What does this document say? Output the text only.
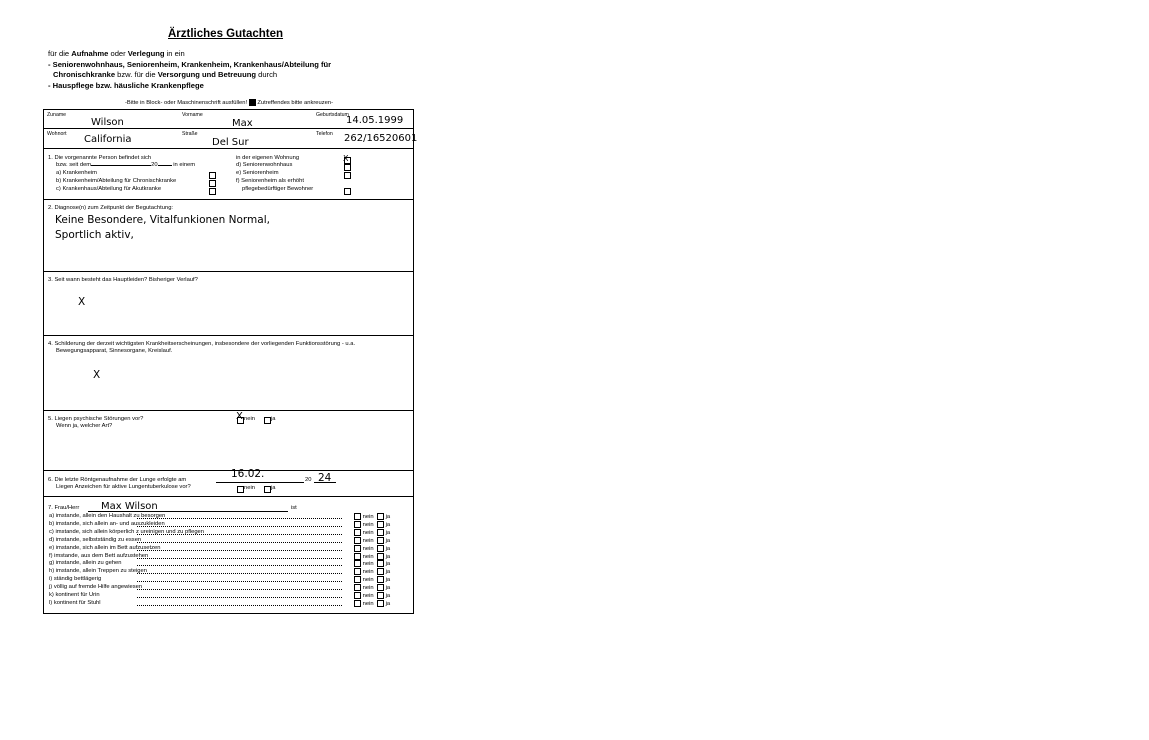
Ärztliches Gutachten
für die Aufnahme oder Verlegung in ein
- Seniorenwohnhaus, Seniorenheim, Krankenheim, Krankenhaus/Abteilung für
Chronischkranke bzw. für die Versorgung und Betreuung durch
- Hauspflege bzw. häusliche Krankenpflege
-Bitte in Block- oder Maschinenschrift ausfüllen! Zutreffendes bitte ankreuzen-
Zuname
Wilson
Vorname
Max
Geburtsdatum
14.05.1999
Wohnort California	Straße
Del Sur
Telefon 262/16520601
1. Die vorgenannte Person befindet sich
bzw. seit dem	20	in einem
a) Krankenheim
b) Krankenheim/Abteilung für Chronischkranke
c) Krankenhaus/Abteilung für Akutkranke
in der eigenen Wohnung
d) Seniorenwohnhaus
e) Seniorenheim
f) Seniorenheim als erhöht
pflegebedürftiger Bewohner
X
2. Diagnose(n) zum Zeitpunkt der Begutachtung:
Keine Besondere, Vitalfunkionen Normal,
Sportlich aktiv,
3. Seit wann besteht das Hauptleiden? Bisheriger Verlauf?
X
4. Schilderung der derzeit wichtigsten Krankheitserscheinungen, insbesondere der vorliegenden Funktionsstörung - u.a.
Bewegungsapparat, Sinnesorgane, Kreislauf.
X
5. Liegen psychische Störungen vor?
Wenn ja, welcher Art?
X nein	ja
6. Die letzte Röntgenaufnahme der Lunge erfolgte am	16.02.	20 24
Liegen Anzeichen für aktive Lungentuberkulose vor?	nein	ja
7. Frau/Herr Max Wilson	ist
a) imstande, allein den Haushalt zu besorgen	nein	ja
b) imstande, sich allein an- und auszukleiden	nein	ja
c) imstande, sich allein körperlich z ureinigen und zu pflegen	nein	ja
d) imstande, selbstständig zu essen	nein	ja
e) imstande, sich allein im Bett aufzusetzen	nein	ja
f) imstande, aus dem Bett aufzustehen	nein	ja
g) imstande, allein zu gehen	nein	ja
h) imstande, allein Treppen zu steigen	nein	ja
i) ständig bettlägerig	nein	ja
j) völlig auf fremde Hilfe angewiesen	nein	ja
k) kontinent für Urin	nein	ja
l) kontinent für Stuhl	nein	ja
